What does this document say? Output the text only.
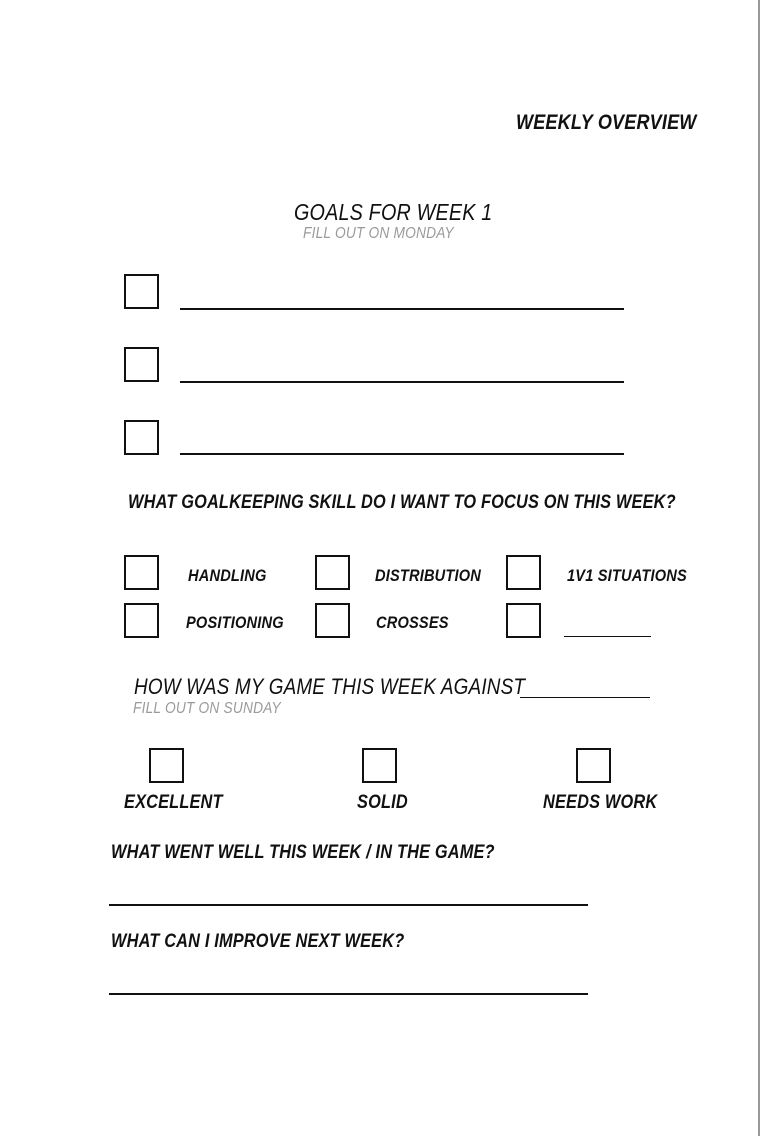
WEEKLY OVERVIEW
GOALS FOR WEEK 1
FILL OUT ON MONDAY
WHAT GOALKEEPING SKILL DO I WANT TO FOCUS ON THIS WEEK?
HANDLING	DISTRIBUTION	1V1 SITUATIONS
POSITIONING	CROSSES
HOW WAS MY GAME THIS WEEK AGAINST
FILL OUT ON SUNDAY
EXCELLENT	SOLID	NEEDS WORK
WHAT WENT WELL THIS WEEK / IN THE GAME?
WHAT CAN I IMPROVE NEXT WEEK?
